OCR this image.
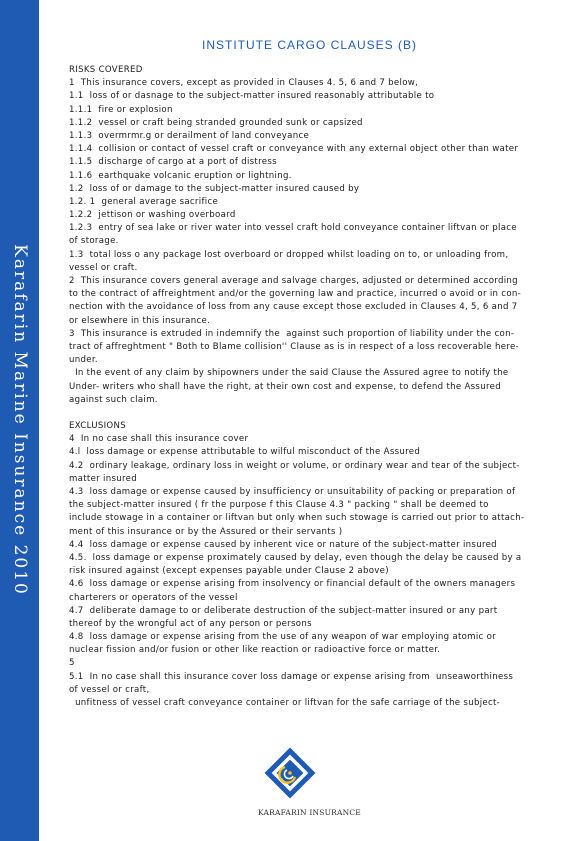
Karafarin Marine Insurance 2010
INSTITUTE CARGO CLAUSES (B)
RISKS COVERED
1  This insurance covers, except as provided in Clauses 4. 5, 6 and 7 below,
1.1  loss of or dasnage to the subject-matter insured reasonably attributable to
1.1.1  fire or explosion
1.1.2  vessel or craft being stranded grounded sunk or capsized
1.1.3  overmrmr.g or derailment of land conveyance
1.1.4  collision or contact of vessel craft or conveyance with any external object other than water
1.1.5  discharge of cargo at a port of distress
1.1.6  earthquake volcanic eruption or lightning.
1.2  loss of or damage to the subject-matter insured caused by
1.2. 1  general average sacrifice
1.2.2  jettison or washing overboard
1.2.3  entry of sea lake or river water into vessel craft hold conveyance container liftvan or place
of storage.
1.3  total loss o any package lost overboard or dropped whilst loading on to, or unloading from,
vessel or craft.
2  This insurance covers general average and salvage charges, adjusted or determined according
to the contract of affreightment and/or the governing law and practice, incurred o avoid or in con-
nection with the avoidance of loss from any cause except those excluded in Clauses 4, 5, 6 and 7
or elsewhere in this insurance.
3  This insurance is extruded in indemnify the  against such proportion of liability under the con-
tract of affreghtment " Both to Blame collision'' Clause as is in respect of a loss recoverable here-
under.
In the event of any claim by shipowners under the said Clause the Assured agree to notify the
Under- writers who shall have the right, at their own cost and expense, to defend the Assured
against such claim.
EXCLUSIONS
4  In no case shall this insurance cover
4.l  loss damage or expense attributable to wilful misconduct of the Assured
4.2  ordinary leakage, ordinary loss in weight or volume, or ordinary wear and tear of the subject-
matter insured
4.3  loss damage or expense caused by insufficiency or unsuitability of packing or preparation of
the subject-matter insured ( fr the purpose f this Clause 4.3 " packing " shall be deemed to
include stowage in a container or liftvan but only when such stowage is carried out prior to attach-
ment of this insurance or by the Assured or their servants )
4.4  loss damage or expense caused by inherent vice or nature of the subject-matter insured
4.5.  loss damage or expense proximately caused by delay, even though the delay be caused by a
risk insured against (except expenses payable under Clause 2 above)
4.6  loss damage or expense arising from insolvency or financial default of the owners managers
charterers or operators of the vessel
4.7  deliberate damage to or deliberate destruction of the subject-matter insured or any part
thereof by the wrongful act of any person or persons
4.8  loss damage or expense arising from the use of any weapon of war employing atomic or
nuclear fission and/or fusion or other like reaction or radioactive force or matter.
5
5.1  In no case shall this insurance cover loss damage or expense arising from  unseaworthiness
of vessel or craft,
unfitness of vessel craft conveyance container or liftvan for the safe carriage of the subject-
KARAFARIN INSURANCE
